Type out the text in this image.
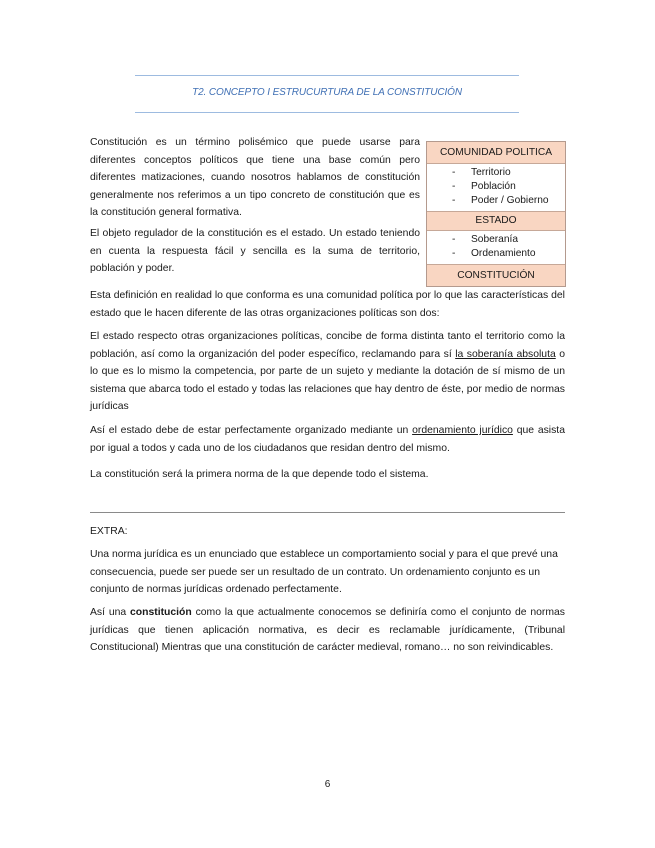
T2. CONCEPTO I ESTRUCURTURA DE LA CONSTITUCIÓN

Constitución es un término polisémico que puede usarse para diferentes conceptos políticos que tiene una base común pero diferentes matizaciones, cuando nosotros hablamos de constitución generalmente nos referimos a un tipo concreto de constitución que es la constitución general formativa.

El objeto regulador de la constitución es el estado. Un estado teniendo en cuenta la respuesta fácil y sencilla es la suma de territorio, población y poder.

COMUNIDAD POLITICA
- Territorio
- Población
- Poder / Gobierno
ESTADO
- Soberanía
- Ordenamiento
CONSTITUCIÓN

Esta definición en realidad lo que conforma es una comunidad política por lo que las características del estado que le hacen diferente de las otras organizaciones políticas son dos:

El estado respecto otras organizaciones políticas, concibe de forma distinta tanto el territorio como la población, así como la organización del poder específico, reclamando para sí la soberanía absoluta o lo que es lo mismo la competencia, por parte de un sujeto y mediante la dotación de sí mismo de un sistema que abarca todo el estado y todas las relaciones que hay dentro de éste, por medio de normas jurídicas

Así el estado debe de estar perfectamente organizado mediante un ordenamiento jurídico que asista por igual a todos y cada uno de los ciudadanos que residan dentro del mismo.

La constitución será la primera norma de la que depende todo el sistema.

EXTRA:

Una norma jurídica es un enunciado que establece un comportamiento social y para el que prevé una consecuencia, puede ser puede ser un resultado de un contrato. Un ordenamiento conjunto es un conjunto de normas jurídicas ordenado perfectamente.

Así una constitución como la que actualmente conocemos se definiría como el conjunto de normas jurídicas que tienen aplicación normativa, es decir es reclamable jurídicamente, (Tribunal Constitucional) Mientras que una constitución de carácter medieval, romano… no son reivindicables.

6
